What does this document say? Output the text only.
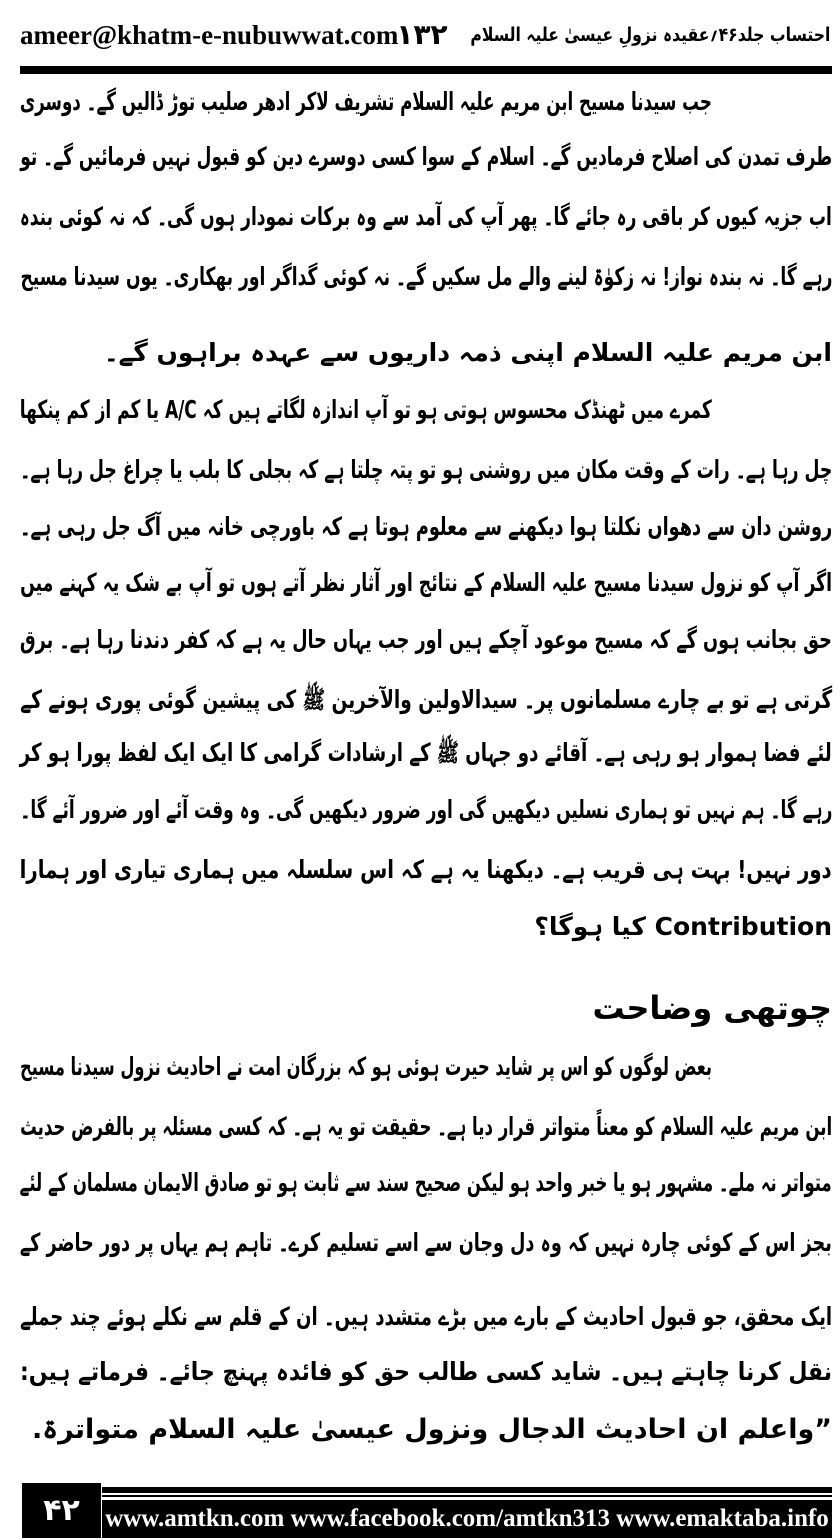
ameer@khatm-e-nubuwwat.com
۱۳۲ احتساب جلد۴۶؍عقیدہ نزولِ عیسیٰ علیہ السلام
جب سیدنا مسیح ابن مریم علیہ السلام تشریف لاکر ادھر صلیب توڑ ڈالیں گے۔ دوسری
طرف تمدن کی اصلاح فرمادیں گے۔ اسلام کے سوا کسی دوسرے دین کو قبول نہیں فرمائیں گے۔ تو
اب جزیہ کیوں کر باقی رہ جائے گا۔ پھر آپ کی آمد سے وہ برکات نمودار ہوں گی۔ کہ نہ کوئی بندہ
رہے گا۔ نہ بندہ نواز! نہ زکوٰۃ لینے والے مل سکیں گے۔ نہ کوئی گداگر اور بھکاری۔ یوں سیدنا مسیح
ابن مریم علیہ السلام اپنی ذمہ داریوں سے عہدہ براہوں گے۔
کمرے میں ٹھنڈک محسوس ہوتی ہو تو آپ اندازہ لگاتے ہیں کہ A/C یا کم از کم پنکھا
چل رہا ہے۔ رات کے وقت مکان میں روشنی ہو تو پتہ چلتا ہے کہ بجلی کا بلب یا چراغ جل رہا ہے۔
روشن دان سے دھواں نکلتا ہوا دیکھنے سے معلوم ہوتا ہے کہ باورچی خانہ میں آگ جل رہی ہے۔
اگر آپ کو نزول سیدنا مسیح علیہ السلام کے نتائج اور آثار نظر آتے ہوں تو آپ بے شک یہ کہنے میں
حق بجانب ہوں گے کہ مسیح موعود آچکے ہیں اور جب یہاں حال یہ ہے کہ کفر دندنا رہا ہے۔ برق
گرتی ہے تو بے چارے مسلمانوں پر۔ سیدالاولین والآخرین ﷺ کی پیشین گوئی پوری ہونے کے
لئے فضا ہموار ہو رہی ہے۔ آقائے دو جہاں ﷺ کے ارشادات گرامی کا ایک ایک لفظ پورا ہو کر
رہے گا۔ ہم نہیں تو ہماری نسلیں دیکھیں گی اور ضرور دیکھیں گی۔ وہ وقت آئے اور ضرور آئے گا۔
دور نہیں! بہت ہی قریب ہے۔ دیکھنا یہ ہے کہ اس سلسلہ میں ہماری تیاری اور ہمارا
Contribution کیا ہوگا؟
چوتھی وضاحت
بعض لوگوں کو اس پر شاید حیرت ہوئی ہو کہ بزرگان امت نے احادیث نزول سیدنا مسیح
ابن مریم علیہ السلام کو معناً متواتر قرار دیا ہے۔ حقیقت تو یہ ہے۔ کہ کسی مسئلہ پر بالفرض حدیث
متواتر نہ ملے۔ مشہور ہو یا خبر واحد ہو لیکن صحیح سند سے ثابت ہو تو صادق الایمان مسلمان کے لئے
بجز اس کے کوئی چارہ نہیں کہ وہ دل وجان سے اسے تسلیم کرے۔ تاہم ہم یہاں پر دور حاضر کے
ایک محقق، جو قبول احادیث کے بارے میں بڑے متشدد ہیں۔ ان کے قلم سے نکلے ہوئے چند جملے
نقل کرنا چاہتے ہیں۔ شاید کسی طالب حق کو فائدہ پہنچ جائے۔ فرماتے ہیں:
”واعلم ان احادیث الدجال ونزول عیسیٰ علیہ السلام متواترۃ.
۴۲	www.amtkn.com www.facebook.com/amtkn313 www.emaktaba.info
